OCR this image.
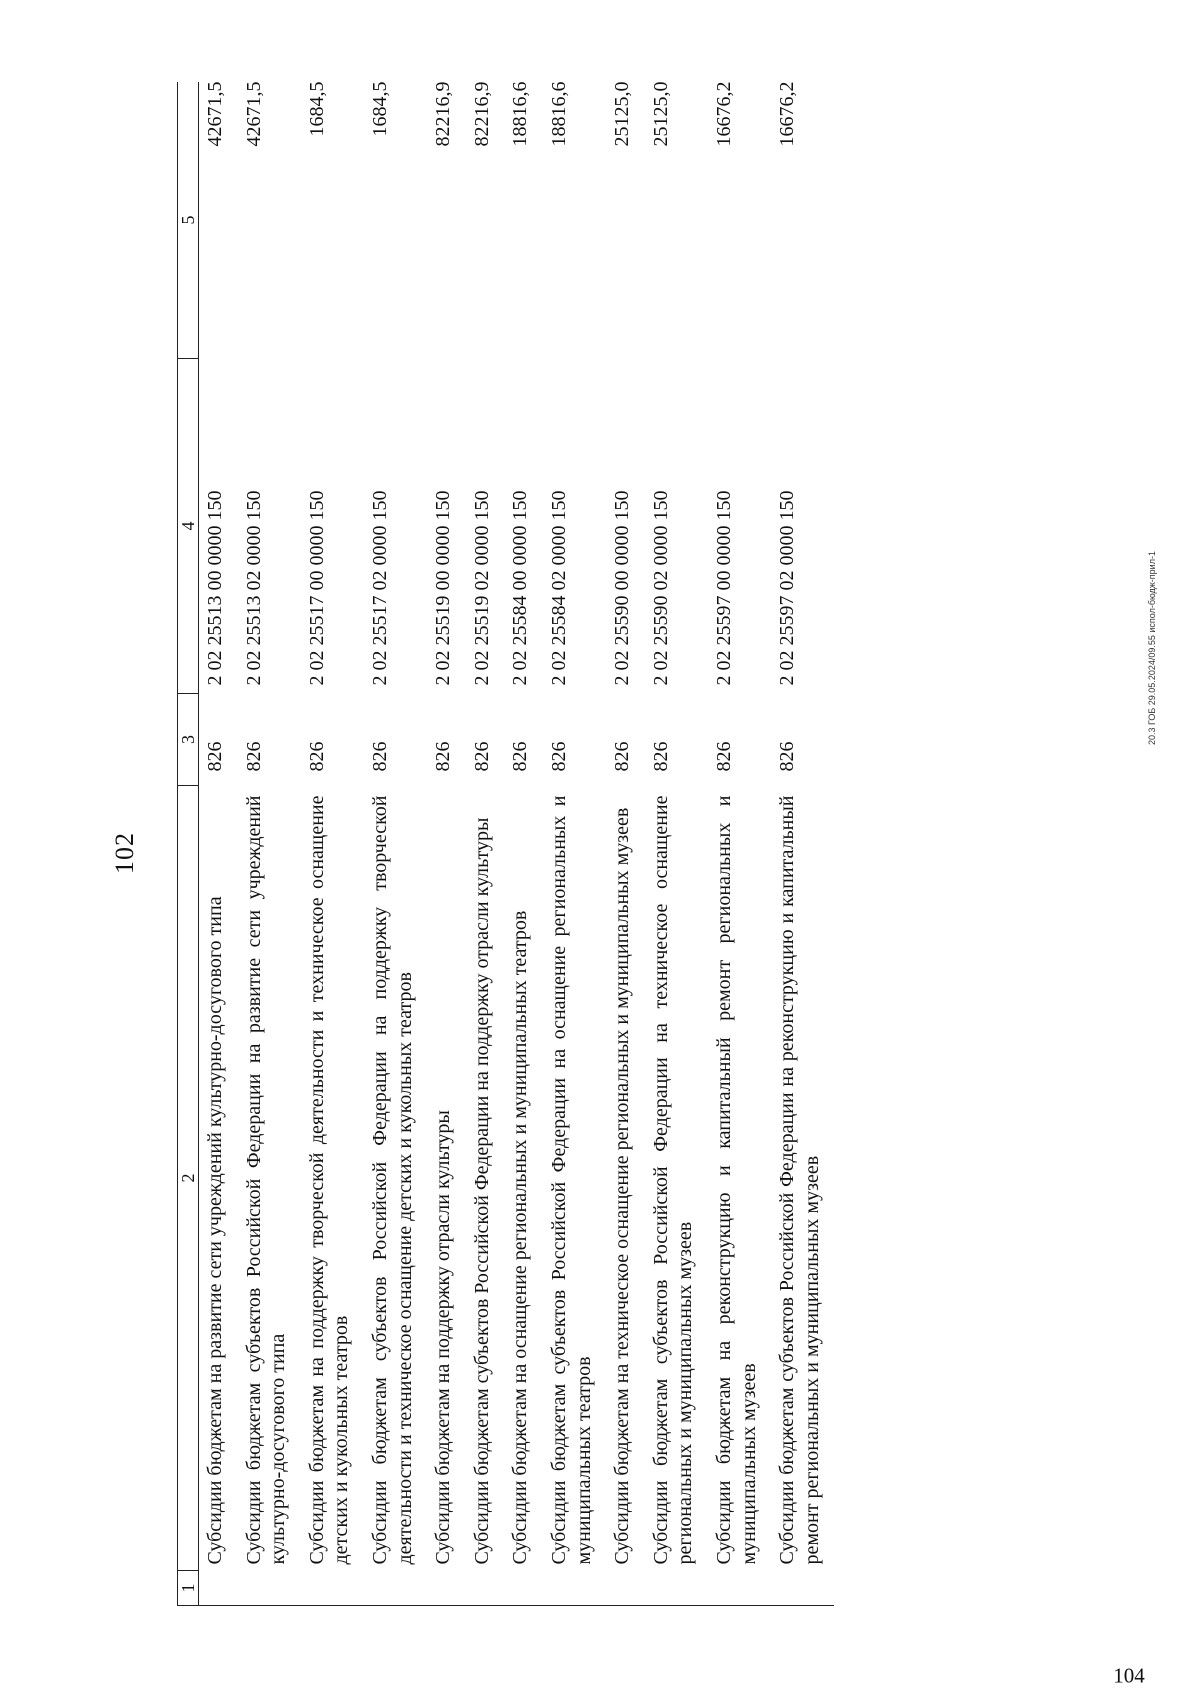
102
1	2	3	4	5
	Субсидии бюджетам на развитие сети учреждений культурно-досугового типа	826	2 02 25513 00 0000 150	42671,5
	Субсидии бюджетам субъектов Российской Федерации на развитие сети учреждений культурно-досугового типа	826	2 02 25513 02 0000 150	42671,5
	Субсидии бюджетам на поддержку творческой деятельности и техническое оснащение детских и кукольных театров	826	2 02 25517 00 0000 150	1684,5
	Субсидии бюджетам субъектов Российской Федерации на поддержку творческой деятельности и техническое оснащение детских и кукольных театров	826	2 02 25517 02 0000 150	1684,5
	Субсидии бюджетам на поддержку отрасли культуры	826	2 02 25519 00 0000 150	82216,9
	Субсидии бюджетам субъектов Российской Федерации на поддержку отрасли культуры	826	2 02 25519 02 0000 150	82216,9
	Субсидии бюджетам на оснащение региональных и муниципальных театров	826	2 02 25584 00 0000 150	18816,6
	Субсидии бюджетам субъектов Российской Федерации на оснащение региональных и муниципальных театров	826	2 02 25584 02 0000 150	18816,6
	Субсидии бюджетам на техническое оснащение региональных и муниципальных музеев	826	2 02 25590 00 0000 150	25125,0
	Субсидии бюджетам субъектов Российской Федерации на техническое оснащение региональных и муниципальных музеев	826	2 02 25590 02 0000 150	25125,0
	Субсидии бюджетам на реконструкцию и капитальный ремонт региональных и муниципальных музеев	826	2 02 25597 00 0000 150	16676,2
	Субсидии бюджетам субъектов Российской Федерации на реконструкцию и капитальный ремонт региональных и муниципальных музеев	826	2 02 25597 02 0000 150	16676,2
104
20.3 ГОБ 29.05.2024/09.55 испол-бюдж-прил-1
